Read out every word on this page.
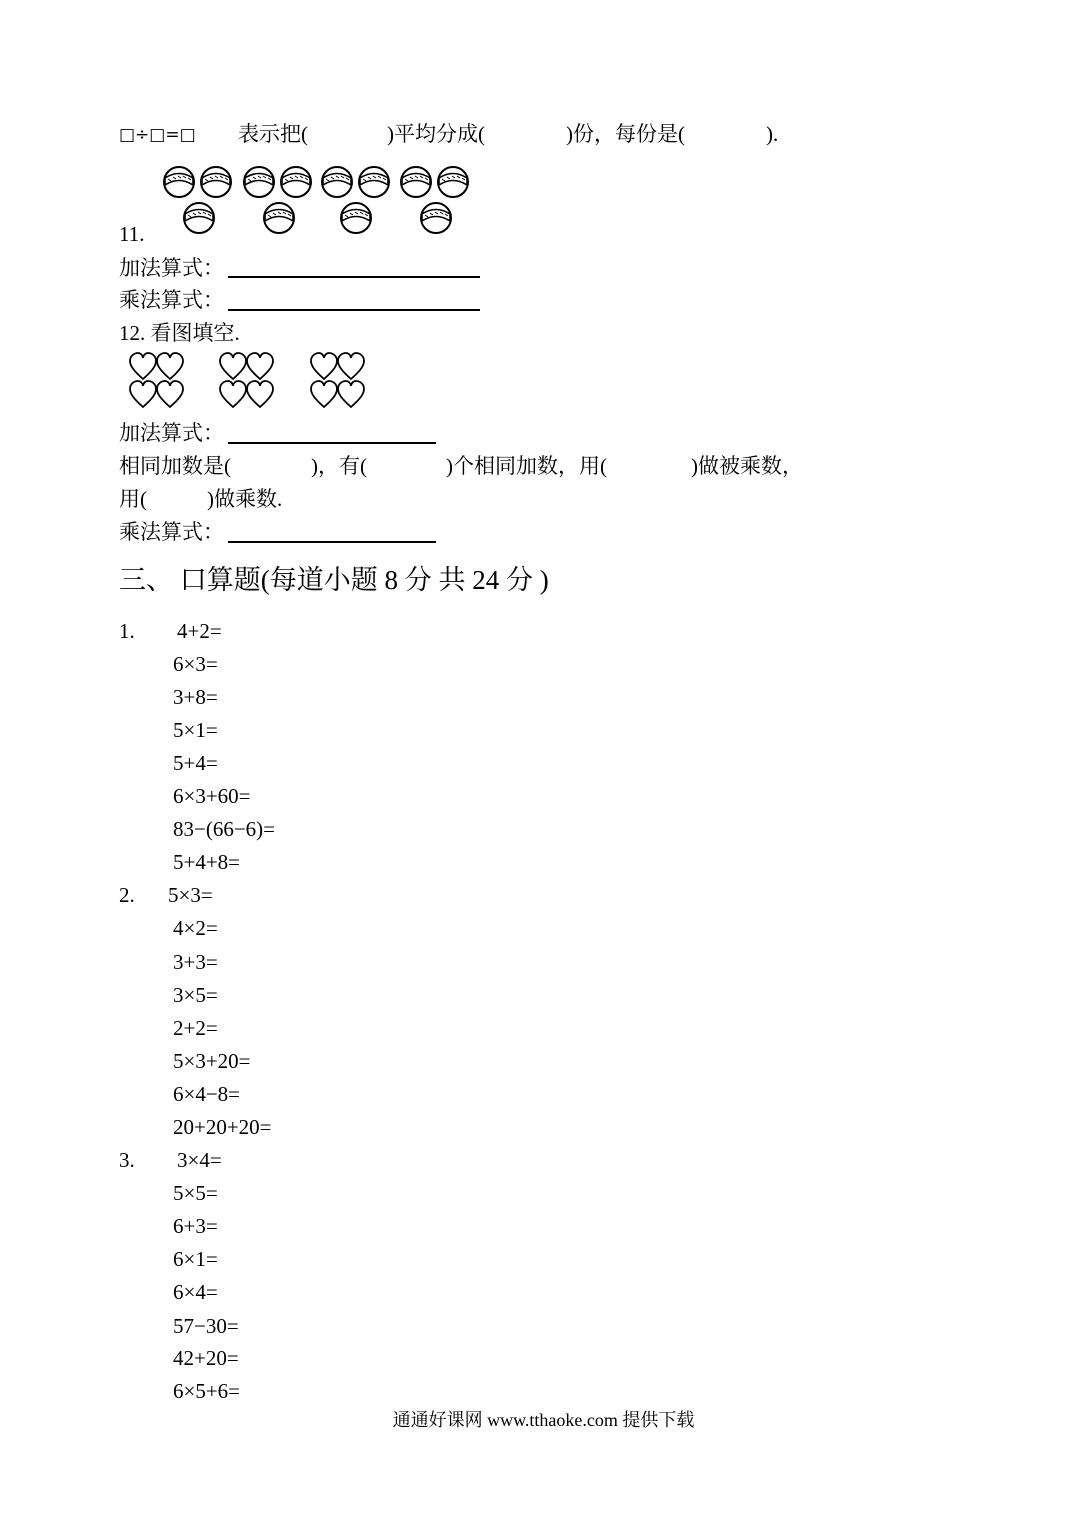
□÷□=□ 表示把(	)平均分成(	)份，每份是(	).
11.
加法算式：
乘法算式：
12. 看图填空.
加法算式：
相同加数是(	)，有(	)个相同加数，用(	)做被乘数，
用(	)做乘数.
乘法算式：
三、 口算题(每道小题 8 分 共 24 分 )
1. 4+2=
6×3=
3+8=
5×1=
5+4=
6×3+60=
83−(66−6)=
5+4+8=
2. 5×3=
4×2=
3+3=
3×5=
2+2=
5×3+20=
6×4−8=
20+20+20=
3. 3×4=
5×5=
6+3=
6×1=
6×4=
57−30=
42+20=
6×5+6=
通通好课网 www.tthaoke.com 提供下载
